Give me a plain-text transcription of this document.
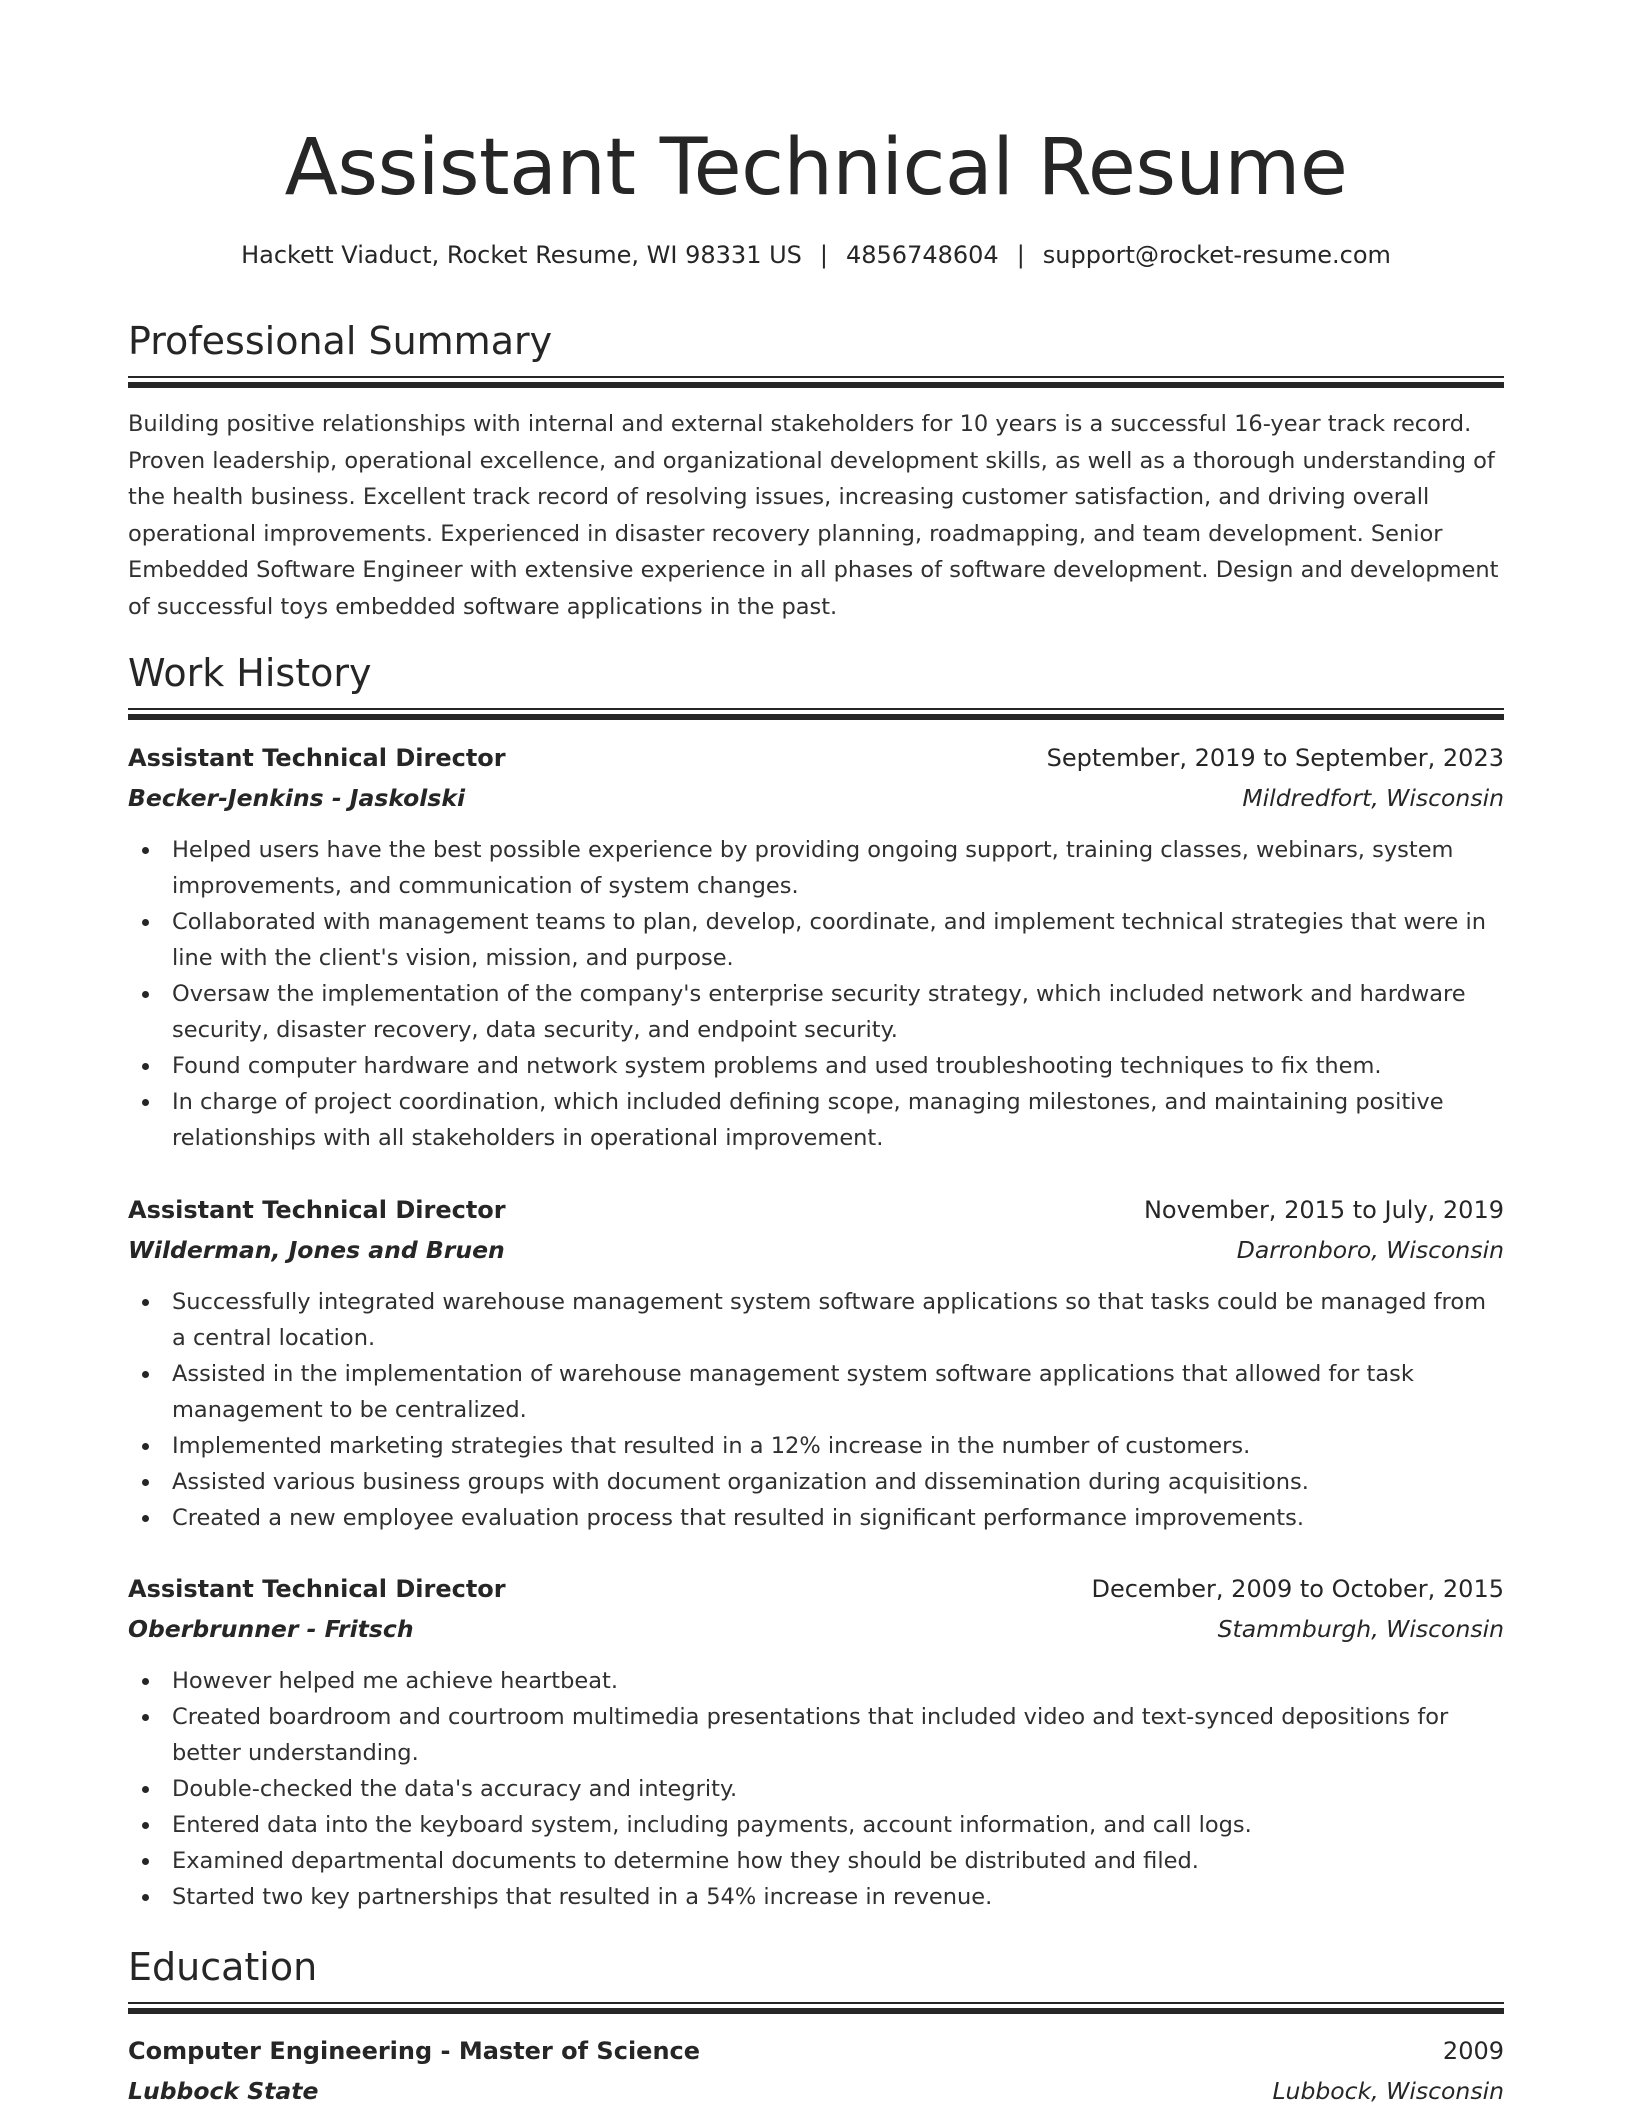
Assistant Technical Resume
Hackett Viaduct, Rocket Resume, WI 98331 US | 4856748604 | support@rocket-resume.com
Professional Summary

Building positive relationships with internal and external stakeholders for 10 years is a successful 16-year track record. Proven leadership, operational excellence, and organizational development skills, as well as a thorough understanding of the health business. Excellent track record of resolving issues, increasing customer satisfaction, and driving overall operational improvements. Experienced in disaster recovery planning, roadmapping, and team development. Senior Embedded Software Engineer with extensive experience in all phases of software development. Design and development of successful toys embedded software applications in the past.

Work History
Assistant Technical Director	September, 2019 to September, 2023
Becker-Jenkins - Jaskolski	Mildredfort, Wisconsin
Helped users have the best possible experience by providing ongoing support, training classes, webinars, system improvements, and communication of system changes.
Collaborated with management teams to plan, develop, coordinate, and implement technical strategies that were in line with the client's vision, mission, and purpose.
Oversaw the implementation of the company's enterprise security strategy, which included network and hardware security, disaster recovery, data security, and endpoint security.
Found computer hardware and network system problems and used troubleshooting techniques to fix them.
In charge of project coordination, which included defining scope, managing milestones, and maintaining positive relationships with all stakeholders in operational improvement.
Assistant Technical Director	November, 2015 to July, 2019
Wilderman, Jones and Bruen	Darronboro, Wisconsin
Successfully integrated warehouse management system software applications so that tasks could be managed from a central location.
Assisted in the implementation of warehouse management system software applications that allowed for task management to be centralized.
Implemented marketing strategies that resulted in a 12% increase in the number of customers.
Assisted various business groups with document organization and dissemination during acquisitions.
Created a new employee evaluation process that resulted in significant performance improvements.
Assistant Technical Director	December, 2009 to October, 2015
Oberbrunner - Fritsch	Stammburgh, Wisconsin
However helped me achieve heartbeat.
Created boardroom and courtroom multimedia presentations that included video and text-synced depositions for better understanding.
Double-checked the data's accuracy and integrity.
Entered data into the keyboard system, including payments, account information, and call logs.
Examined departmental documents to determine how they should be distributed and filed.
Started two key partnerships that resulted in a 54% increase in revenue.
Education
Computer Engineering - Master of Science	2009
Lubbock State	Lubbock, Wisconsin
